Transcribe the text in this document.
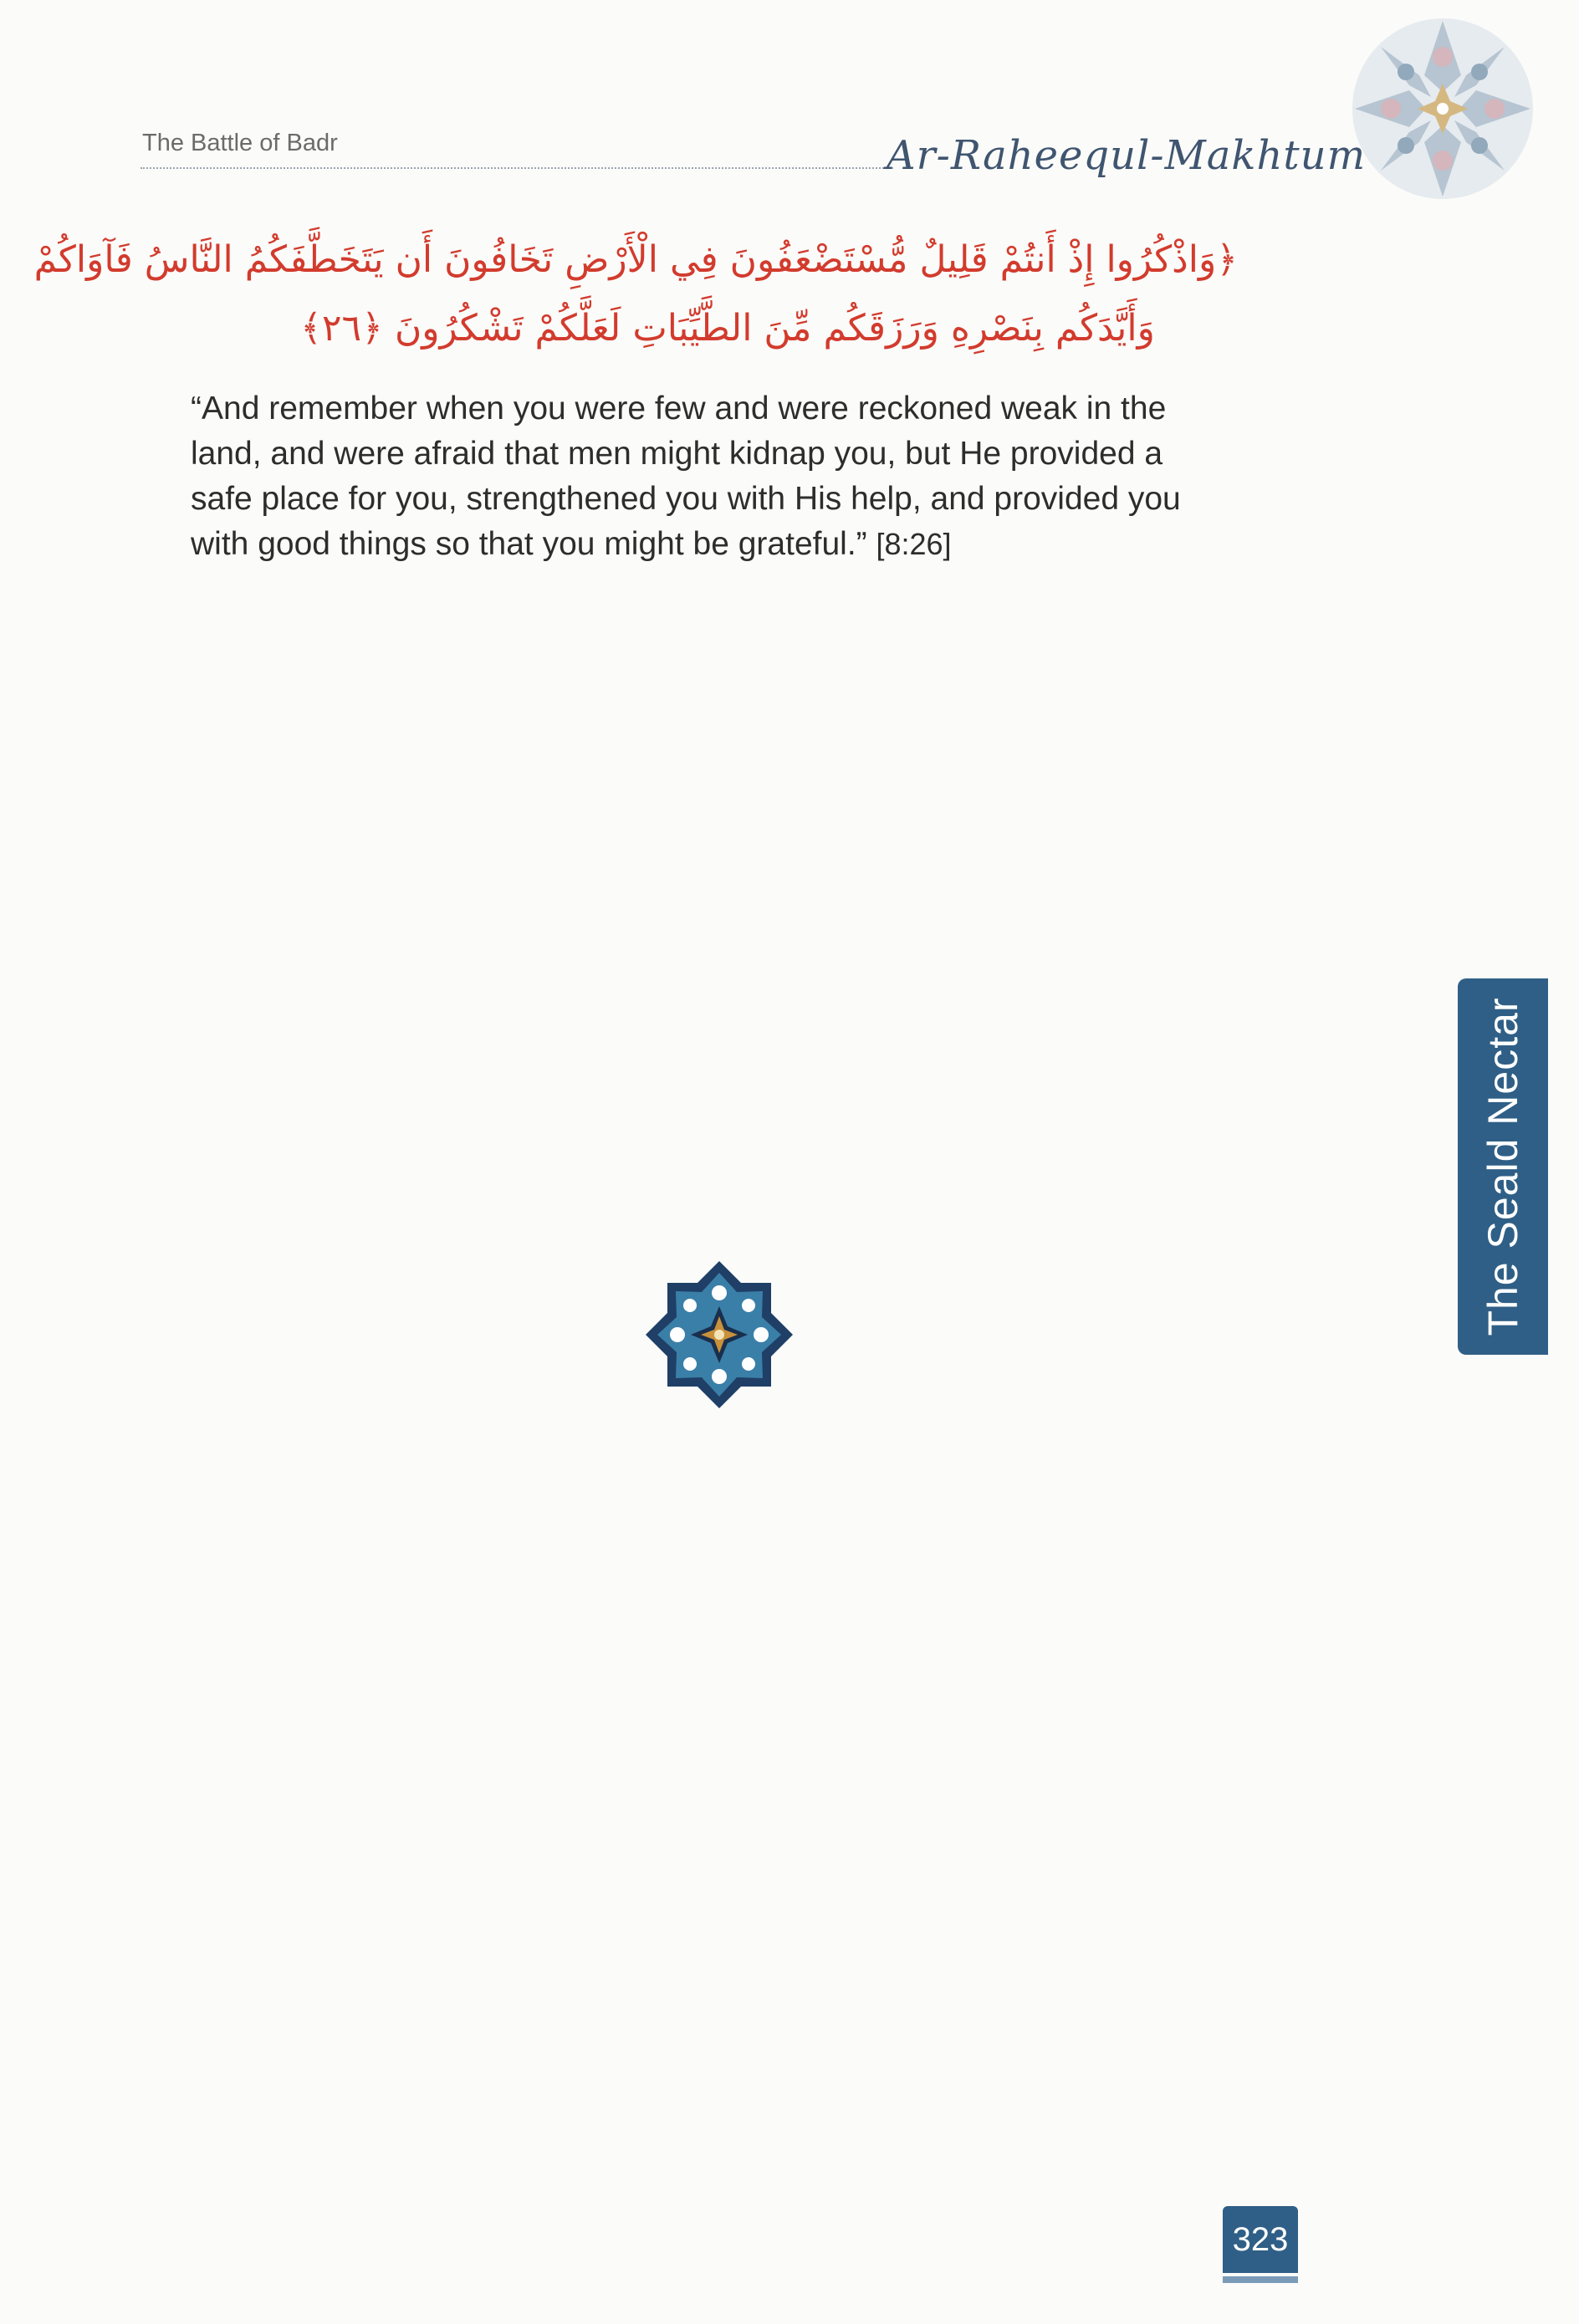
The Battle of Badr	Ar-Raheequl-Makhtum
﴿وَاذْكُرُوا إِذْ أَنتُمْ قَلِيلٌ مُّسْتَضْعَفُونَ فِي الْأَرْضِ تَخَافُونَ أَن يَتَخَطَّفَكُمُ النَّاسُ فَآوَاكُمْ
وَأَيَّدَكُم بِنَصْرِهِ وَرَزَقَكُم مِّنَ الطَّيِّبَاتِ لَعَلَّكُمْ تَشْكُرُونَ ﴿٢٦﴾
“And remember when you were few and were reckoned weak in the
land, and were afraid that men might kidnap you, but He provided a
safe place for you, strengthened you with His help, and provided you
with good things so that you might be grateful.” [8:26]
The Seald Nectar
323
